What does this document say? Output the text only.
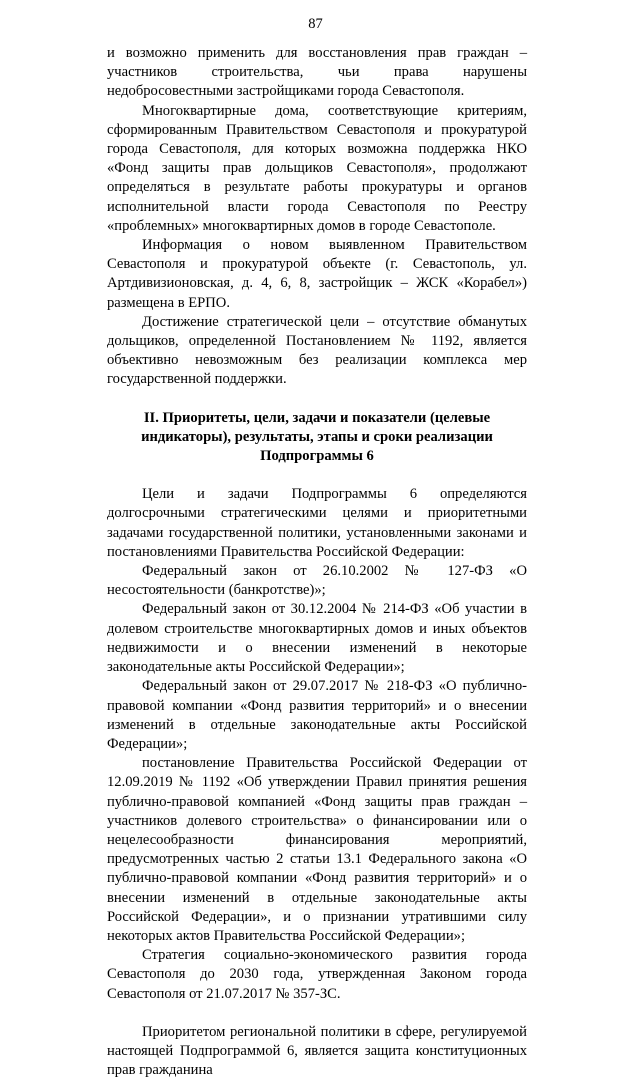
87

и возможно применить для восстановления прав граждан – участников строительства, чьи права нарушены недобросовестными застройщиками города Севастополя.

Многоквартирные дома, соответствующие критериям, сформированным Правительством Севастополя и прокуратурой города Севастополя, для которых возможна поддержка НКО «Фонд защиты прав дольщиков Севастополя», продолжают определяться в результате работы прокуратуры и органов исполнительной власти города Севастополя по Реестру «проблемных» многоквартирных домов в городе Севастополе.

Информация о новом выявленном Правительством Севастополя и прокуратурой объекте (г. Севастополь, ул. Артдивизионовская, д. 4, 6, 8, застройщик – ЖСК «Корабел») размещена в ЕРПО.

Достижение стратегической цели – отсутствие обманутых дольщиков, определенной Постановлением № 1192, является объективно невозможным без реализации комплекса мер государственной поддержки.

II. Приоритеты, цели, задачи и показатели (целевые индикаторы), результаты, этапы и сроки реализации Подпрограммы 6

Цели и задачи Подпрограммы 6 определяются долгосрочными стратегическими целями и приоритетными задачами государственной политики, установленными законами и постановлениями Правительства Российской Федерации:

Федеральный закон от 26.10.2002 № 127-ФЗ «О несостоятельности (банкротстве)»;

Федеральный закон от 30.12.2004 № 214-ФЗ «Об участии в долевом строительстве многоквартирных домов и иных объектов недвижимости и о внесении изменений в некоторые законодательные акты Российской Федерации»;

Федеральный закон от 29.07.2017 № 218-ФЗ «О публично-правовой компании «Фонд развития территорий» и о внесении изменений в отдельные законодательные акты Российской Федерации»;

постановление Правительства Российской Федерации от 12.09.2019 № 1192 «Об утверждении Правил принятия решения публично-правовой компанией «Фонд защиты прав граждан – участников долевого строительства» о финансировании или о нецелесообразности финансирования мероприятий, предусмотренных частью 2 статьи 13.1 Федерального закона «О публично-правовой компании «Фонд развития территорий» и о внесении изменений в отдельные законодательные акты Российской Федерации», и о признании утратившими силу некоторых актов Правительства Российской Федерации»;

Стратегия социально-экономического развития города Севастополя до 2030 года, утвержденная Законом города Севастополя от 21.07.2017 № 357-ЗС.

Приоритетом региональной политики в сфере, регулируемой настоящей Подпрограммой 6, является защита конституционных прав гражданина
